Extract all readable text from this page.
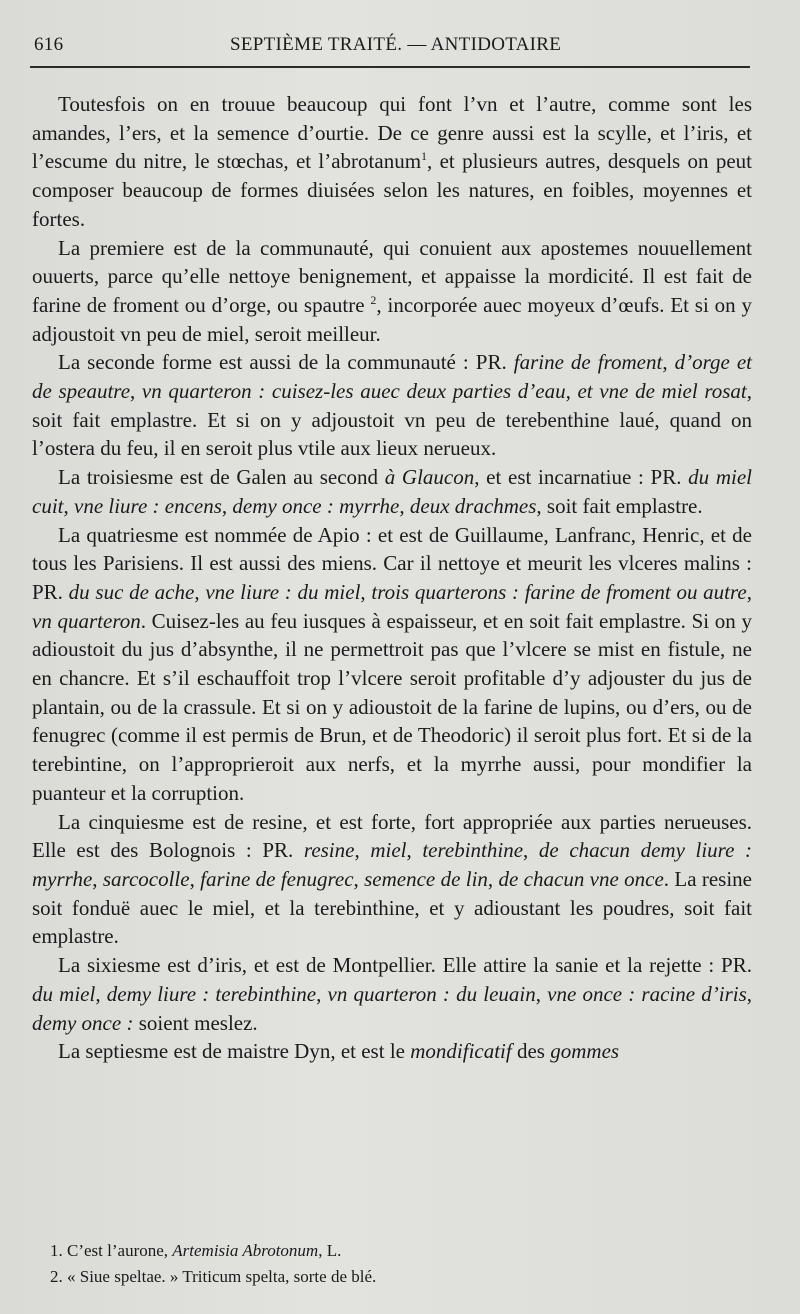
616	SEPTIÈME TRAITÉ. — ANTIDOTAIRE

Toutesfois on en trouue beaucoup qui font l’vn et l’autre, comme sont les amandes, l’ers, et la semence d’ourtie. De ce genre aussi est la scylle, et l’iris, et l’escume du nitre, le stœchas, et l’abrotanum$^1$, et plusieurs autres, desquels on peut composer beaucoup de formes diuisées selon les natures, en foibles, moyennes et fortes.

La premiere est de la communauté, qui conuient aux apostemes nouuellement ouuerts, parce qu’elle nettoye benignement, et appaisse la mordicité. Il est fait de farine de froment ou d’orge, ou spautre $^2$, incorporée auec moyeux d’œufs. Et si on y adjoustoit vn peu de miel, seroit meilleur.

La seconde forme est aussi de la communauté : PR. farine de froment, d’orge et de speautre, vn quarteron : cuisez-les auec deux parties d’eau, et vne de miel rosat, soit fait emplastre. Et si on y adjoustoit vn peu de terebenthine laué, quand on l’ostera du feu, il en seroit plus vtile aux lieux nerueux.

La troisiesme est de Galen au second à Glaucon, et est incarnatiue : PR. du miel cuit, vne liure : encens, demy once : myrrhe, deux drachmes, soit fait emplastre.

La quatriesme est nommée de Apio : et est de Guillaume, Lanfranc, Henric, et de tous les Parisiens. Il est aussi des miens. Car il nettoye et meurit les vlceres malins : PR. du suc de ache, vne liure : du miel, trois quarterons : farine de froment ou autre, vn quarteron. Cuisez-les au feu iusques à espaisseur, et en soit fait emplastre. Si on y adioustoit du jus d’absynthe, il ne permettroit pas que l’vlcere se mist en fistule, ne en chancre. Et s’il eschauffoit trop l’vlcere seroit profitable d’y adjouster du jus de plantain, ou de la crassule. Et si on y adioustoit de la farine de lupins, ou d’ers, ou de fenugrec (comme il est permis de Brun, et de Theodoric) il seroit plus fort. Et si de la terebintine, on l’approprieroit aux nerfs, et la myrrhe aussi, pour mondifier la puanteur et la corruption.

La cinquiesme est de resine, et est forte, fort appropriée aux parties nerueuses. Elle est des Bolognois : PR. resine, miel, terebinthine, de chacun demy liure : myrrhe, sarcocolle, farine de fenugrec, semence de lin, de chacun vne once. La resine soit fonduë auec le miel, et la terebinthine, et y adioustant les poudres, soit fait emplastre.

La sixiesme est d’iris, et est de Montpellier. Elle attire la sanie et la rejette : PR. du miel, demy liure : terebinthine, vn quarteron : du leuain, vne once : racine d’iris, demy once : soient meslez.

La septiesme est de maistre Dyn, et est le mondificatif des gommes

1. C’est l’aurone, Artemisia Abrotonum, L.
2. « Siue speltae. » Triticum spelta, sorte de blé.
